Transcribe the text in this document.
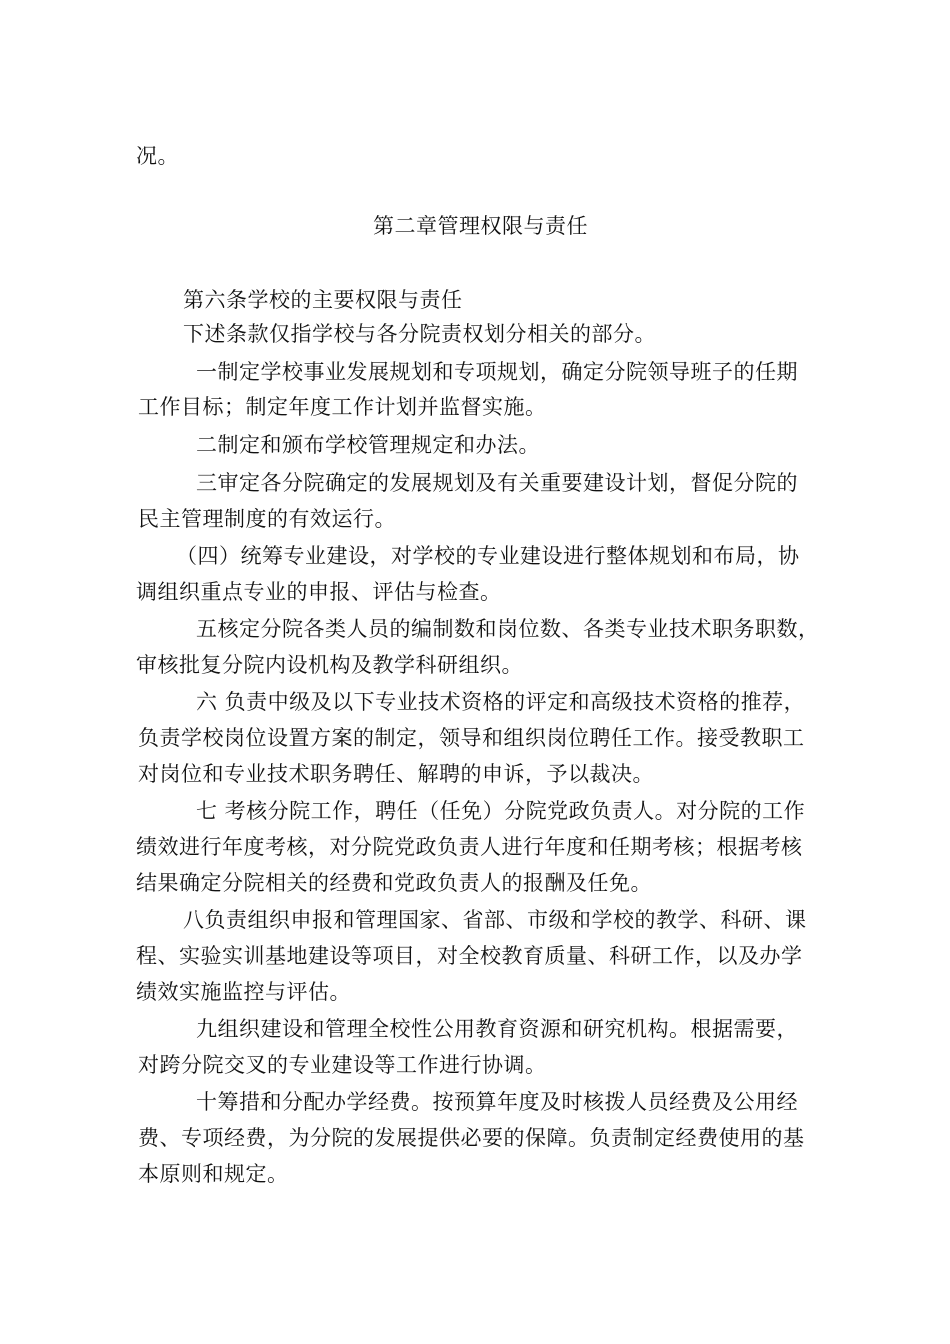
况。
第二章管理权限与责任
第六条学校的主要权限与责任
下述条款仅指学校与各分院责权划分相关的部分。
一制定学校事业发展规划和专项规划，确定分院领导班子的任期
工作目标；制定年度工作计划并监督实施。
二制定和颁布学校管理规定和办法。
三审定各分院确定的发展规划及有关重要建设计划，督促分院的
民主管理制度的有效运行。
（四）统筹专业建设，对学校的专业建设进行整体规划和布局，协
调组织重点专业的申报、评估与检查。
五核定分院各类人员的编制数和岗位数、各类专业技术职务职数，
审核批复分院内设机构及教学科研组织。
六 负责中级及以下专业技术资格的评定和高级技术资格的推荐，
负责学校岗位设置方案的制定，领导和组织岗位聘任工作。接受教职工
对岗位和专业技术职务聘任、解聘的申诉，予以裁决。
七 考核分院工作，聘任（任免）分院党政负责人。对分院的工作
绩效进行年度考核，对分院党政负责人进行年度和任期考核；根据考核
结果确定分院相关的经费和党政负责人的报酬及任免。
八负责组织申报和管理国家、省部、市级和学校的教学、科研、课
程、实验实训基地建设等项目，对全校教育质量、科研工作，以及办学
绩效实施监控与评估。
九组织建设和管理全校性公用教育资源和研究机构。根据需要，
对跨分院交叉的专业建设等工作进行协调。
十筹措和分配办学经费。按预算年度及时核拨人员经费及公用经
费、专项经费，为分院的发展提供必要的保障。负责制定经费使用的基
本原则和规定。
